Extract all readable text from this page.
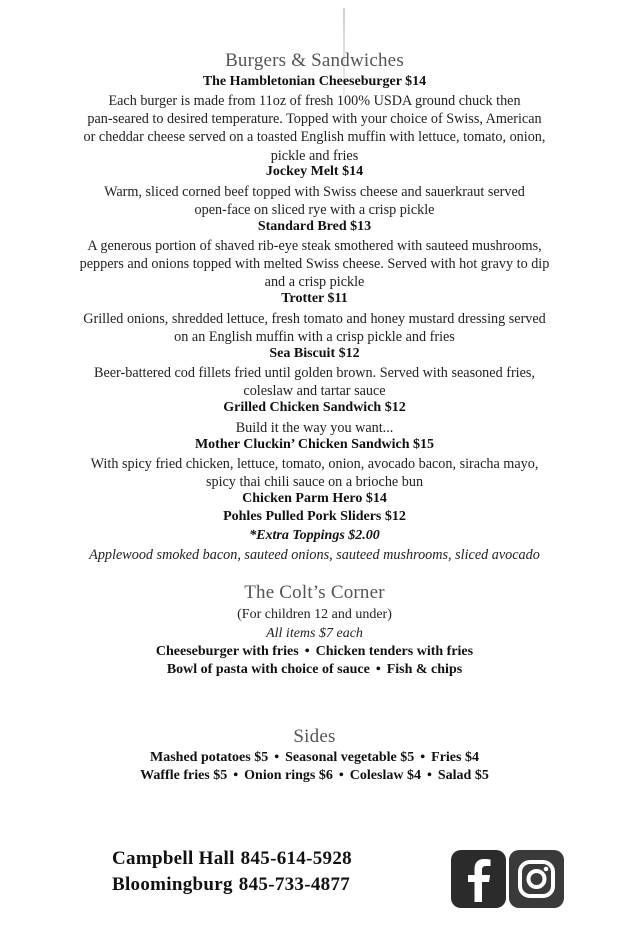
Burgers & Sandwiches
The Hambletonian Cheeseburger $14
Each burger is made from 11oz of fresh 100% USDA ground chuck then
pan-seared to desired temperature. Topped with your choice of Swiss, American
or cheddar cheese served on a toasted English muffin with lettuce, tomato, onion,
pickle and fries
Jockey Melt $14
Warm, sliced corned beef topped with Swiss cheese and sauerkraut served
open-face on sliced rye with a crisp pickle
Standard Bred $13
A generous portion of shaved rib-eye steak smothered with sauteed mushrooms,
peppers and onions topped with melted Swiss cheese. Served with hot gravy to dip
and a crisp pickle
Trotter $11
Grilled onions, shredded lettuce, fresh tomato and honey mustard dressing served
on an English muffin with a crisp pickle and fries
Sea Biscuit $12
Beer-battered cod fillets fried until golden brown. Served with seasoned fries,
coleslaw and tartar sauce
Grilled Chicken Sandwich $12
Build it the way you want...
Mother Cluckin’ Chicken Sandwich $15
With spicy fried chicken, lettuce, tomato, onion, avocado bacon, siracha mayo,
spicy thai chili sauce on a brioche bun
Chicken Parm Hero $14
Pohles Pulled Pork Sliders $12
*Extra Toppings $2.00
Applewood smoked bacon, sauteed onions, sauteed mushrooms, sliced avocado
The Colt’s Corner
(For children 12 and under)
All items $7 each
Cheeseburger with fries • Chicken tenders with fries
Bowl of pasta with choice of sauce • Fish & chips
Sides
Mashed potatoes $5 • Seasonal vegetable $5 • Fries $4
Waffle fries $5 • Onion rings $6 • Coleslaw $4 • Salad $5
Campbell Hall 845-614-5928
Bloomingburg 845-733-4877
